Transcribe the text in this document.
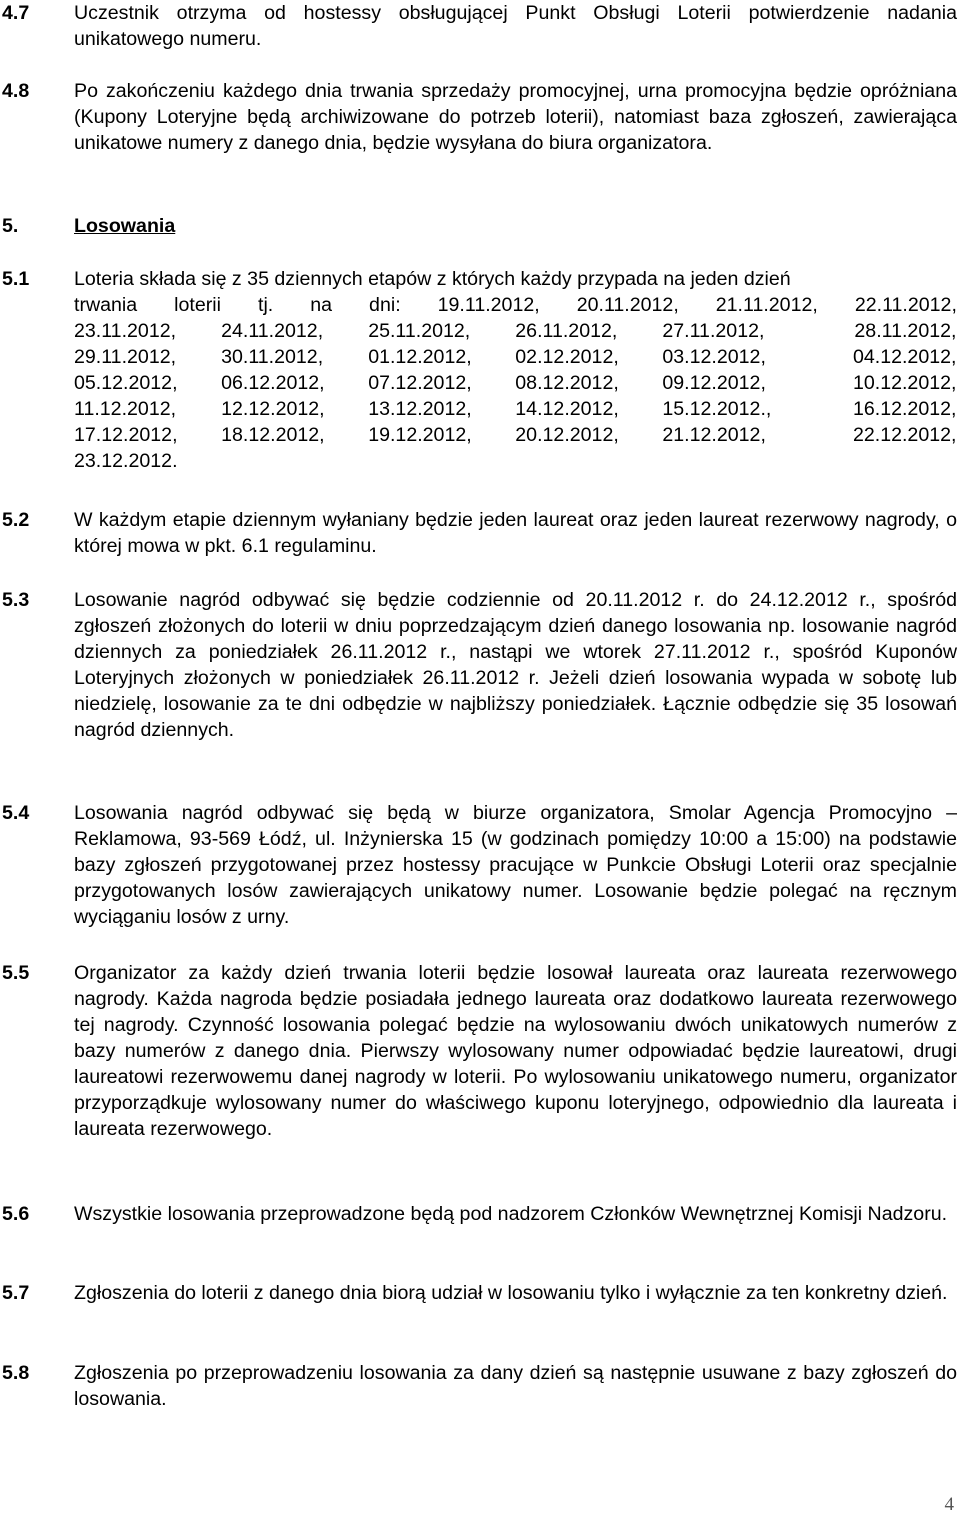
4.7 Uczestnik otrzyma od hostessy obsługującej Punkt Obsługi Loterii potwierdzenie nadania unikatowego numeru.
4.8 Po zakończeniu każdego dnia trwania sprzedaży promocyjnej, urna promocyjna będzie opróżniana (Kupony Loteryjne będą archiwizowane do potrzeb loterii), natomiast baza zgłoszeń, zawierająca unikatowe numery z danego dnia, będzie wysyłana do biura organizatora.
5.	Losowania
5.1 Loteria składa się z 35 dziennych etapów z których każdy przypada na jeden dzień
trwania loterii tj. na dni: 19.11.2012, 20.11.2012, 21.11.2012, 22.11.2012,
23.11.2012,	24.11.2012,	25.11.2012,	26.11.2012,	27.11.2012,	28.11.2012,
29.11.2012,	30.11.2012,	01.12.2012,	02.12.2012,	03.12.2012,	04.12.2012,
05.12.2012,	06.12.2012,	07.12.2012,	08.12.2012,	09.12.2012,	10.12.2012,
11.12.2012,	12.12.2012,	13.12.2012,	14.12.2012,	15.12.2012.,	16.12.2012,
17.12.2012,	18.12.2012,	19.12.2012,	20.12.2012,	21.12.2012,	22.12.2012,
23.12.2012.
5.2 W każdym etapie dziennym wyłaniany będzie jeden laureat oraz jeden laureat rezerwowy nagrody, o której mowa w pkt. 6.1 regulaminu.
5.3 Losowanie nagród odbywać się będzie codziennie od 20.11.2012 r. do 24.12.2012 r., spośród zgłoszeń złożonych do loterii w dniu poprzedzającym dzień danego losowania np. losowanie nagród dziennych za poniedziałek 26.11.2012 r., nastąpi we wtorek 27.11.2012 r., spośród Kuponów Loteryjnych złożonych w poniedziałek 26.11.2012 r. Jeżeli dzień losowania wypada w sobotę lub niedzielę, losowanie za te dni odbędzie w najbliższy poniedziałek. Łącznie odbędzie się 35 losowań nagród dziennych.
5.4 Losowania nagród odbywać się będą w biurze organizatora, Smolar Agencja Promocyjno – Reklamowa, 93-569 Łódź, ul. Inżynierska 15 (w godzinach pomiędzy 10:00 a 15:00) na podstawie bazy zgłoszeń przygotowanej przez hostessy pracujące w Punkcie Obsługi Loterii oraz specjalnie przygotowanych losów zawierających unikatowy numer. Losowanie będzie polegać na ręcznym wyciąganiu losów z urny.
5.5 Organizator za każdy dzień trwania loterii będzie losował laureata oraz laureata rezerwowego nagrody. Każda nagroda będzie posiadała jednego laureata oraz dodatkowo laureata rezerwowego tej nagrody. Czynność losowania polegać będzie na wylosowaniu dwóch unikatowych numerów z bazy numerów z danego dnia. Pierwszy wylosowany numer odpowiadać będzie laureatowi, drugi laureatowi rezerwowemu danej nagrody w loterii. Po wylosowaniu unikatowego numeru, organizator przyporządkuje wylosowany numer do właściwego kuponu loteryjnego, odpowiednio dla laureata i laureata rezerwowego.
5.6 Wszystkie losowania przeprowadzone będą pod nadzorem Członków Wewnętrznej Komisji Nadzoru.
5.7 Zgłoszenia do loterii z danego dnia biorą udział w losowaniu tylko i wyłącznie za ten konkretny dzień.
5.8 Zgłoszenia po przeprowadzeniu losowania za dany dzień są następnie usuwane z bazy zgłoszeń do losowania.
4
